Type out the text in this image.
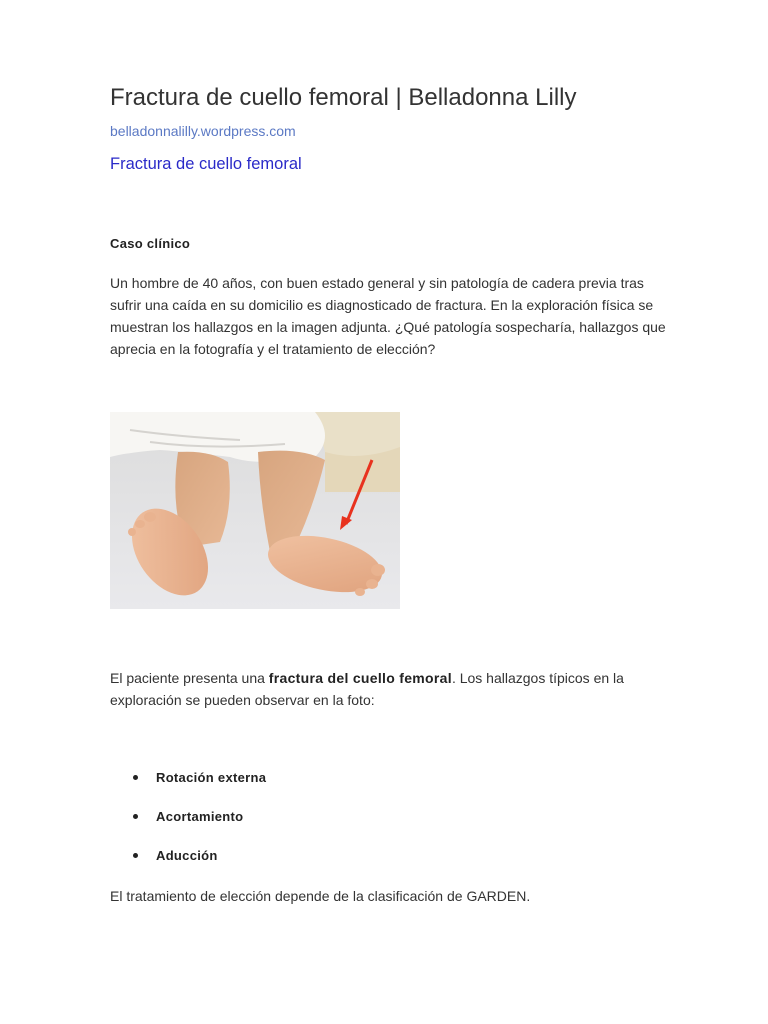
Fractura de cuello femoral | Belladonna Lilly
belladonnalilly.wordpress.com
Fractura de cuello femoral
Caso clínico

Un hombre de 40 años, con buen estado general y sin patología de cadera previa tras sufrir una caída en su domicilio es diagnosticado de fractura. En la exploración física se muestran los hallazgos en la imagen adjunta. ¿Qué patología sospecharía, hallazgos que aprecia en la fotografía y el tratamiento de elección?

El paciente presenta una fractura del cuello femoral. Los hallazgos típicos en la exploración se pueden observar en la foto:

Rotación externa
Acortamiento
Aducción

El tratamiento de elección depende de la clasificación de GARDEN.
